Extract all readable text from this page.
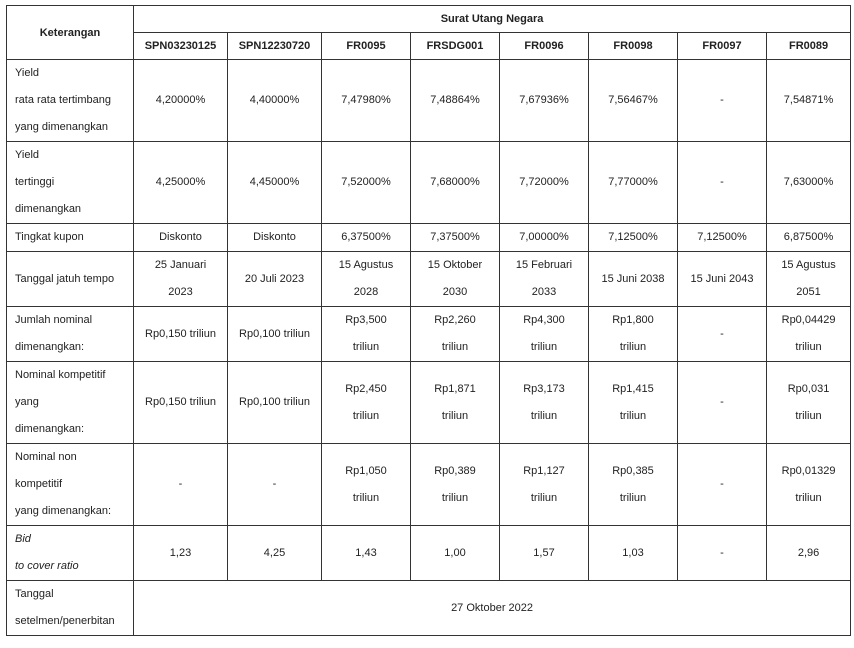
Keterangan	Surat Utang Negara							
	SPN03230125	SPN12230720	FR0095	FRSDG001	FR0096	FR0098	FR0097	FR0089

Yield
rata rata tertimbang
yang dimenangkan	4,20000%	4,40000%	7,47980%	7,48864%	7,67936%	7,56467%	-	7,54871%

Yield
tertinggi
dimenangkan	4,25000%	4,45000%	7,52000%	7,68000%	7,72000%	7,77000%	-	7,63000%

Tingkat kupon	Diskonto	Diskonto	6,37500%	7,37500%	7,00000%	7,12500%	7,12500%	6,87500%

Tanggal jatuh tempo	25 Januari
2023	20 Juli 2023	15 Agustus
2028	15 Oktober
2030	15 Februari
2033	15 Juni 2038	15 Juni 2043	15 Agustus
2051

Jumlah nominal
dimenangkan:	Rp0,150 triliun	Rp0,100 triliun	Rp3,500
triliun	Rp2,260
triliun	Rp4,300
triliun	Rp1,800
triliun	-	Rp0,04429
triliun

Nominal kompetitif
yang
dimenangkan:	Rp0,150 triliun	Rp0,100 triliun	Rp2,450
triliun	Rp1,871
triliun	Rp3,173
triliun	Rp1,415
triliun	-	Rp0,031
triliun

Nominal non
kompetitif
yang dimenangkan:	-	-	Rp1,050
triliun	Rp0,389
triliun	Rp1,127
triliun	Rp0,385
triliun	-	Rp0,01329
triliun

Bid
to cover ratio	1,23	4,25	1,43	1,00	1,57	1,03	-	2,96

Tanggal
setelmen/penerbitan	27 Oktober 2022							
